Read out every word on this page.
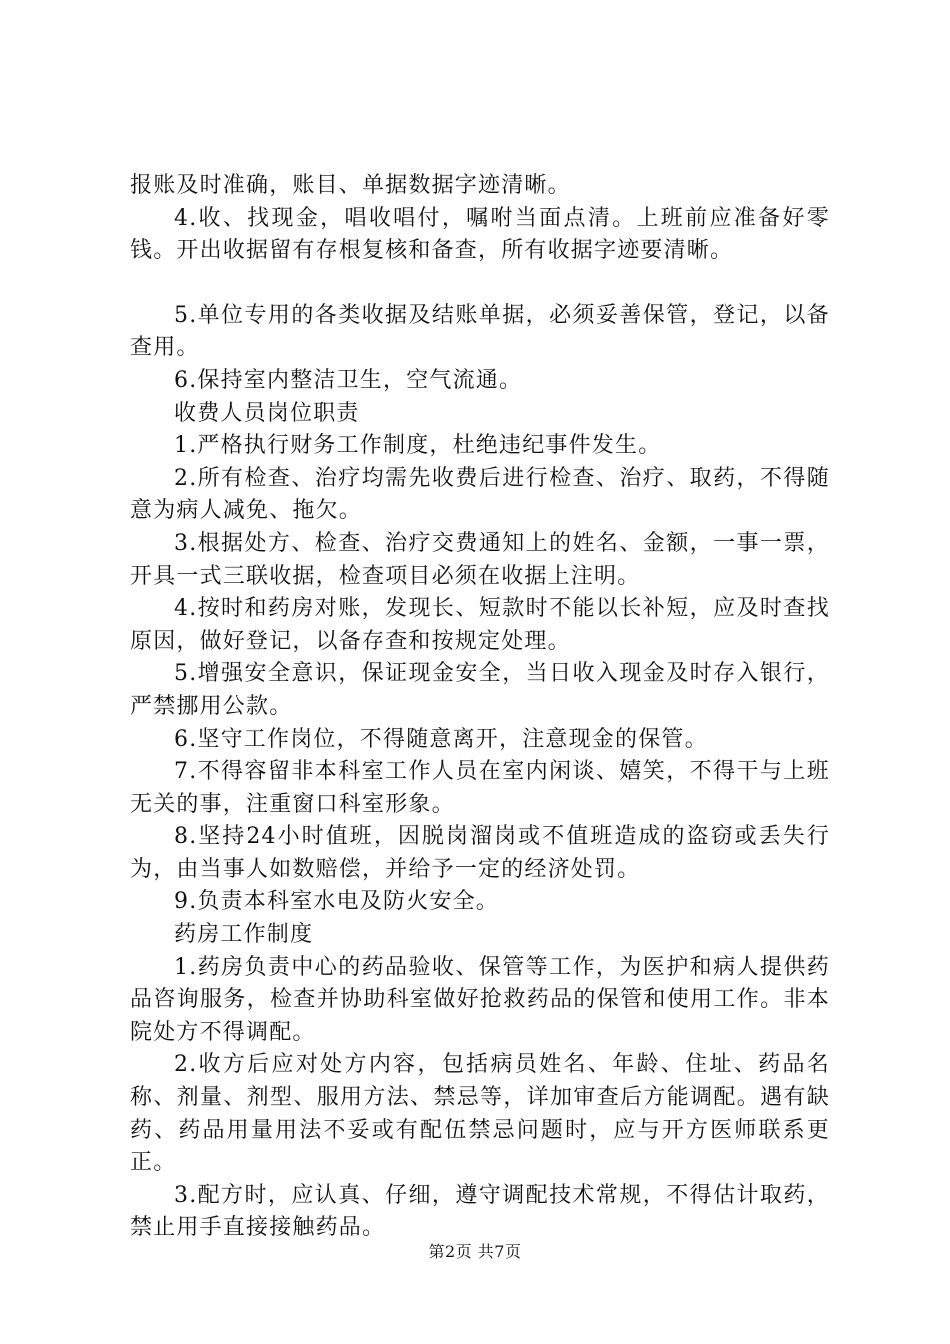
报账及时准确，账目、单据数据字迹清晰。

4.收、找现金，唱收唱付，嘱咐当面点清。上班前应准备好零钱。开出收据留有存根复核和备查，所有收据字迹要清晰。

5.单位专用的各类收据及结账单据，必须妥善保管，登记，以备查用。

6.保持室内整洁卫生，空气流通。

收费人员岗位职责

1.严格执行财务工作制度，杜绝违纪事件发生。

2.所有检查、治疗均需先收费后进行检查、治疗、取药，不得随意为病人减免、拖欠。

3.根据处方、检查、治疗交费通知上的姓名、金额，一事一票，开具一式三联收据，检查项目必须在收据上注明。

4.按时和药房对账，发现长、短款时不能以长补短，应及时查找原因，做好登记，以备存查和按规定处理。

5.增强安全意识，保证现金安全，当日收入现金及时存入银行，严禁挪用公款。

6.坚守工作岗位，不得随意离开，注意现金的保管。

7.不得容留非本科室工作人员在室内闲谈、嬉笑，不得干与上班无关的事，注重窗口科室形象。

8.坚持24小时值班，因脱岗溜岗或不值班造成的盗窃或丢失行为，由当事人如数赔偿，并给予一定的经济处罚。

9.负责本科室水电及防火安全。

药房工作制度

1.药房负责中心的药品验收、保管等工作，为医护和病人提供药品咨询服务，检查并协助科室做好抢救药品的保管和使用工作。非本院处方不得调配。

2.收方后应对处方内容，包括病员姓名、年龄、住址、药品名称、剂量、剂型、服用方法、禁忌等，详加审查后方能调配。遇有缺药、药品用量用法不妥或有配伍禁忌问题时，应与开方医师联系更正。

3.配方时，应认真、仔细，遵守调配技术常规，不得估计取药，禁止用手直接接触药品。

第2页 共7页
